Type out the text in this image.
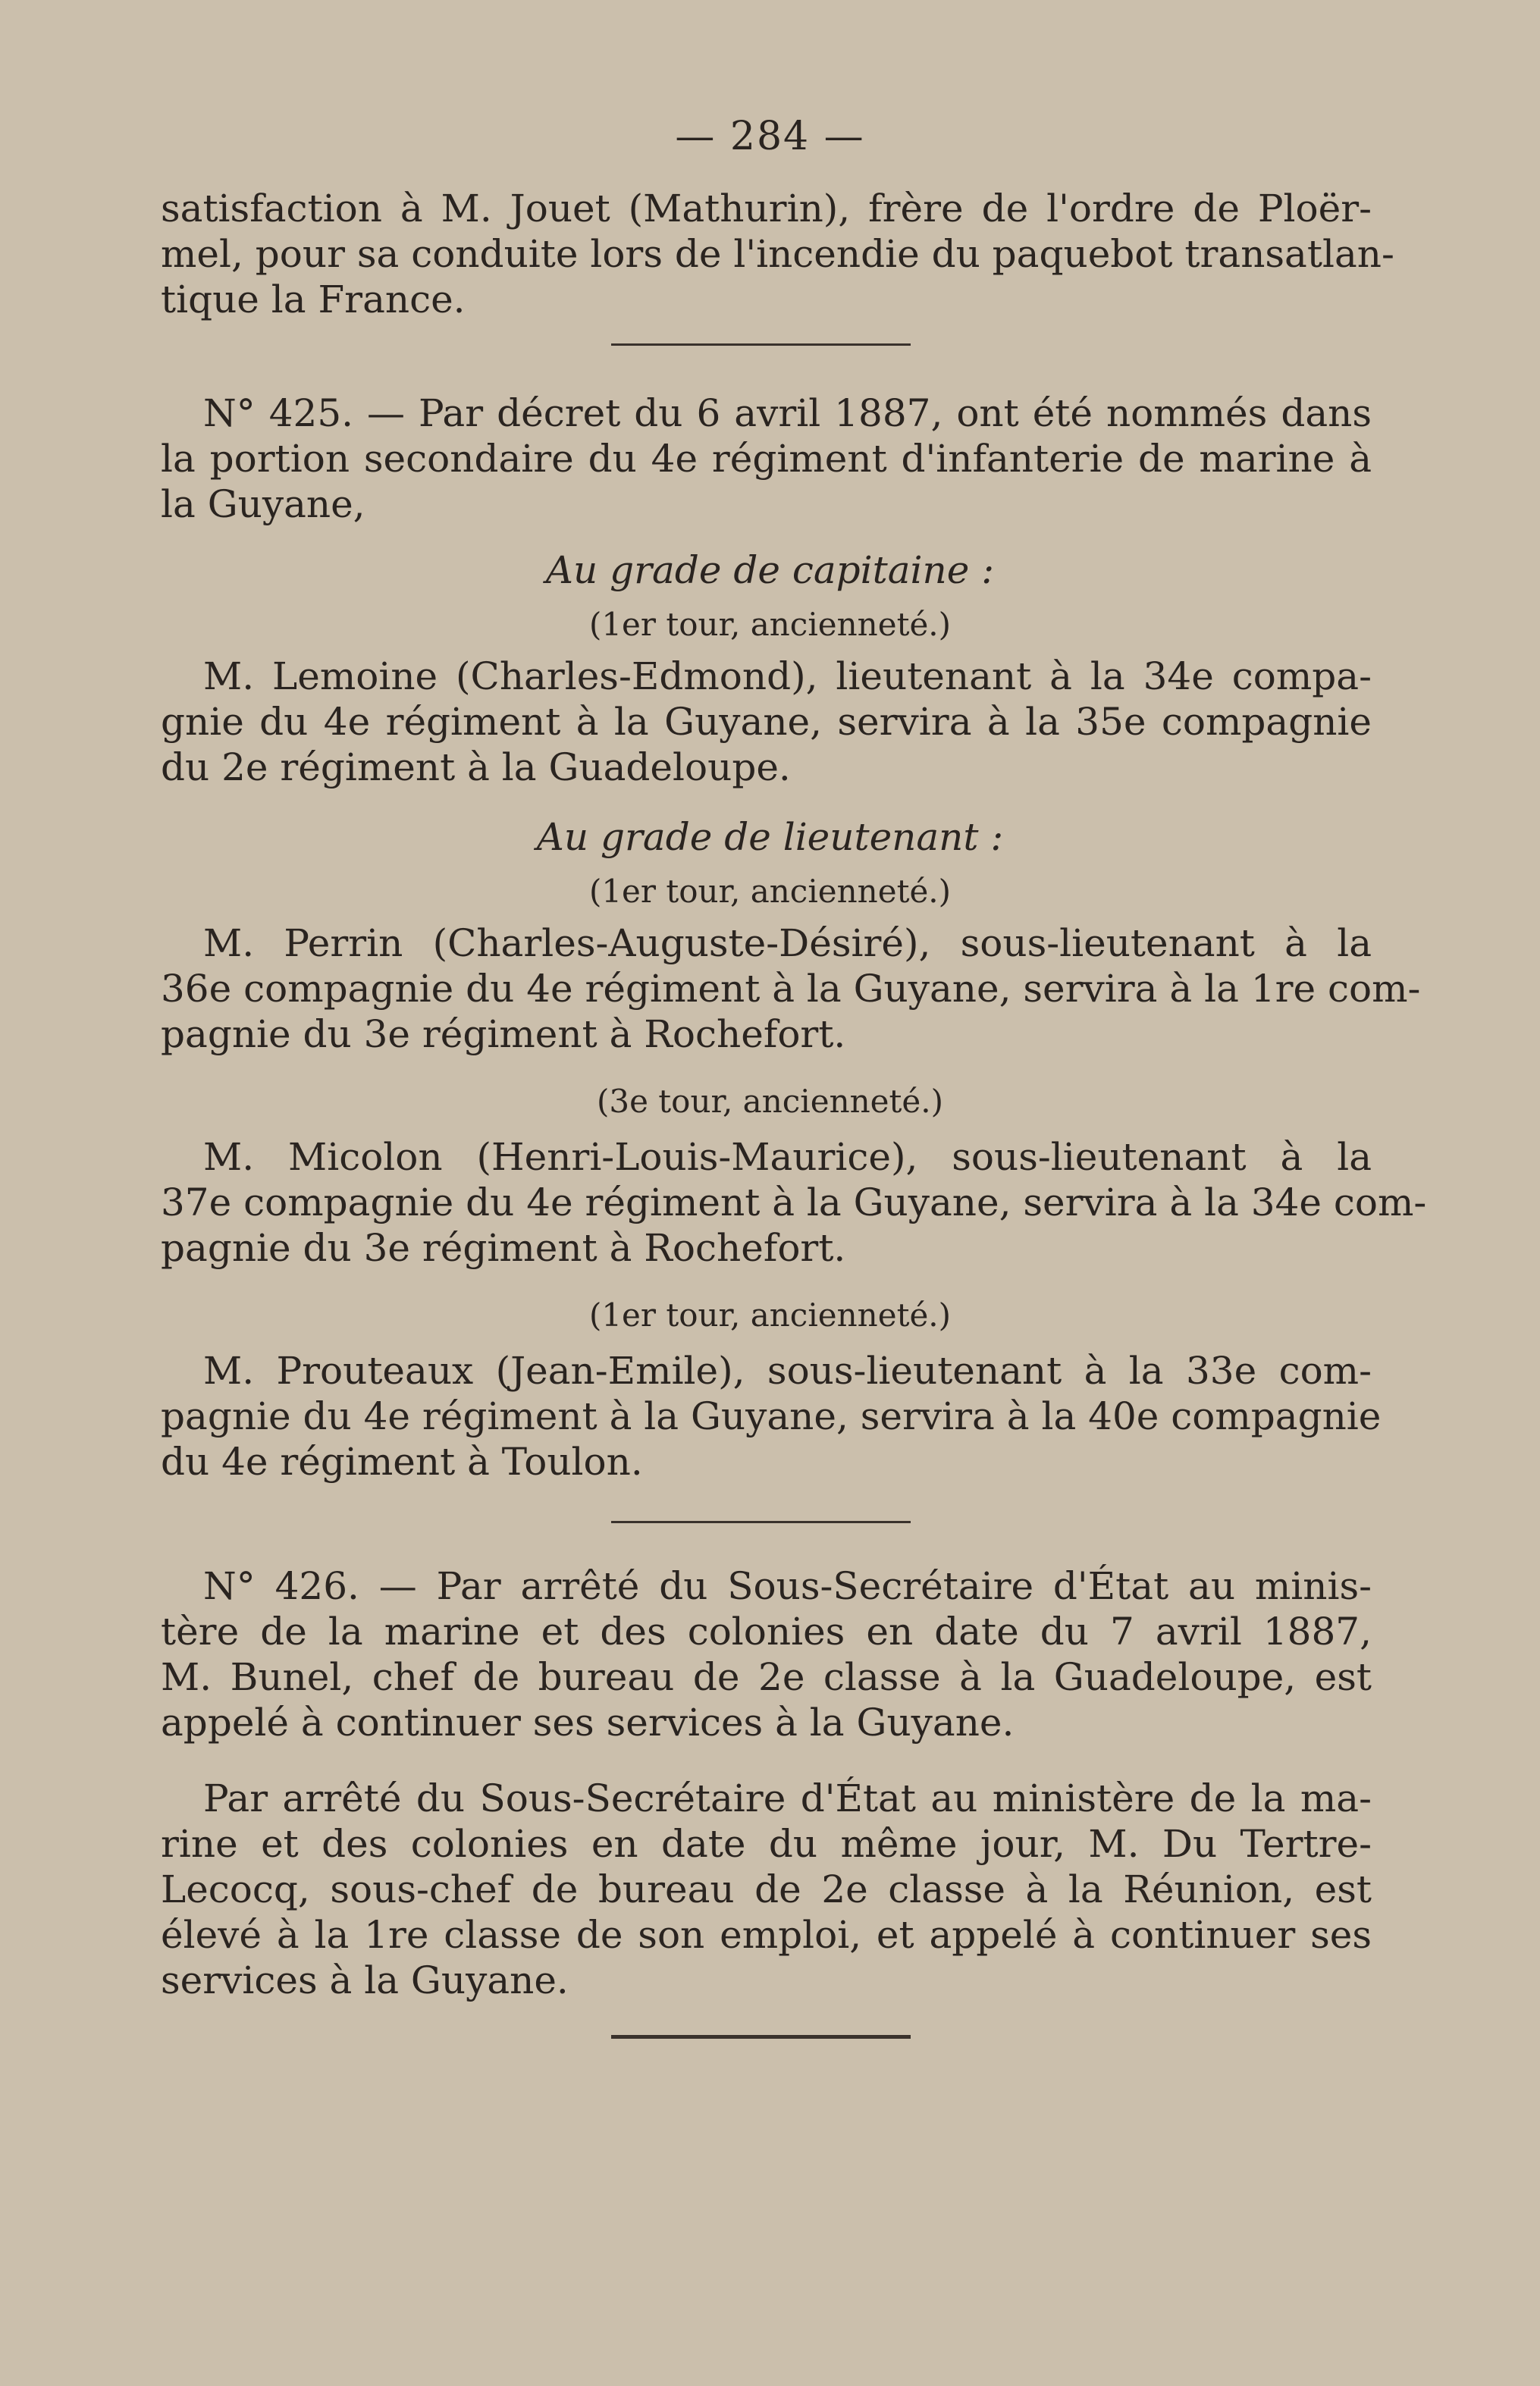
— 284 —
satisfaction à M. Jouet (Mathurin), frère de l'ordre de Ploër-
mel, pour sa conduite lors de l'incendie du paquebot transatlan-
tique la France.
N° 425. — Par décret du 6 avril 1887, ont été nommés dans
la portion secondaire du 4e régiment d'infanterie de marine à
la Guyane,
Au grade de capitaine :
(1er tour, ancienneté.)
M. Lemoine (Charles-Edmond), lieutenant à la 34e compa-
gnie du 4e régiment à la Guyane, servira à la 35e compagnie
du 2e régiment à la Guadeloupe.
Au grade de lieutenant :
(1er tour, ancienneté.)
M. Perrin (Charles-Auguste-Désiré), sous-lieutenant à la
36e compagnie du 4e régiment à la Guyane, servira à la 1re com-
pagnie du 3e régiment à Rochefort.
(3e tour, ancienneté.)
M. Micolon (Henri-Louis-Maurice), sous-lieutenant à la
37e compagnie du 4e régiment à la Guyane, servira à la 34e com-
pagnie du 3e régiment à Rochefort.
(1er tour, ancienneté.)
M. Prouteaux (Jean-Emile), sous-lieutenant à la 33e com-
pagnie du 4e régiment à la Guyane, servira à la 40e compagnie
du 4e régiment à Toulon.
N° 426. — Par arrêté du Sous-Secrétaire d'État au minis-
tère de la marine et des colonies en date du 7 avril 1887,
M. Bunel, chef de bureau de 2e classe à la Guadeloupe, est
appelé à continuer ses services à la Guyane.
Par arrêté du Sous-Secrétaire d'État au ministère de la ma-
rine et des colonies en date du même jour, M. Du Tertre-
Lecocq, sous-chef de bureau de 2e classe à la Réunion, est
élevé à la 1re classe de son emploi, et appelé à continuer ses
services à la Guyane.
